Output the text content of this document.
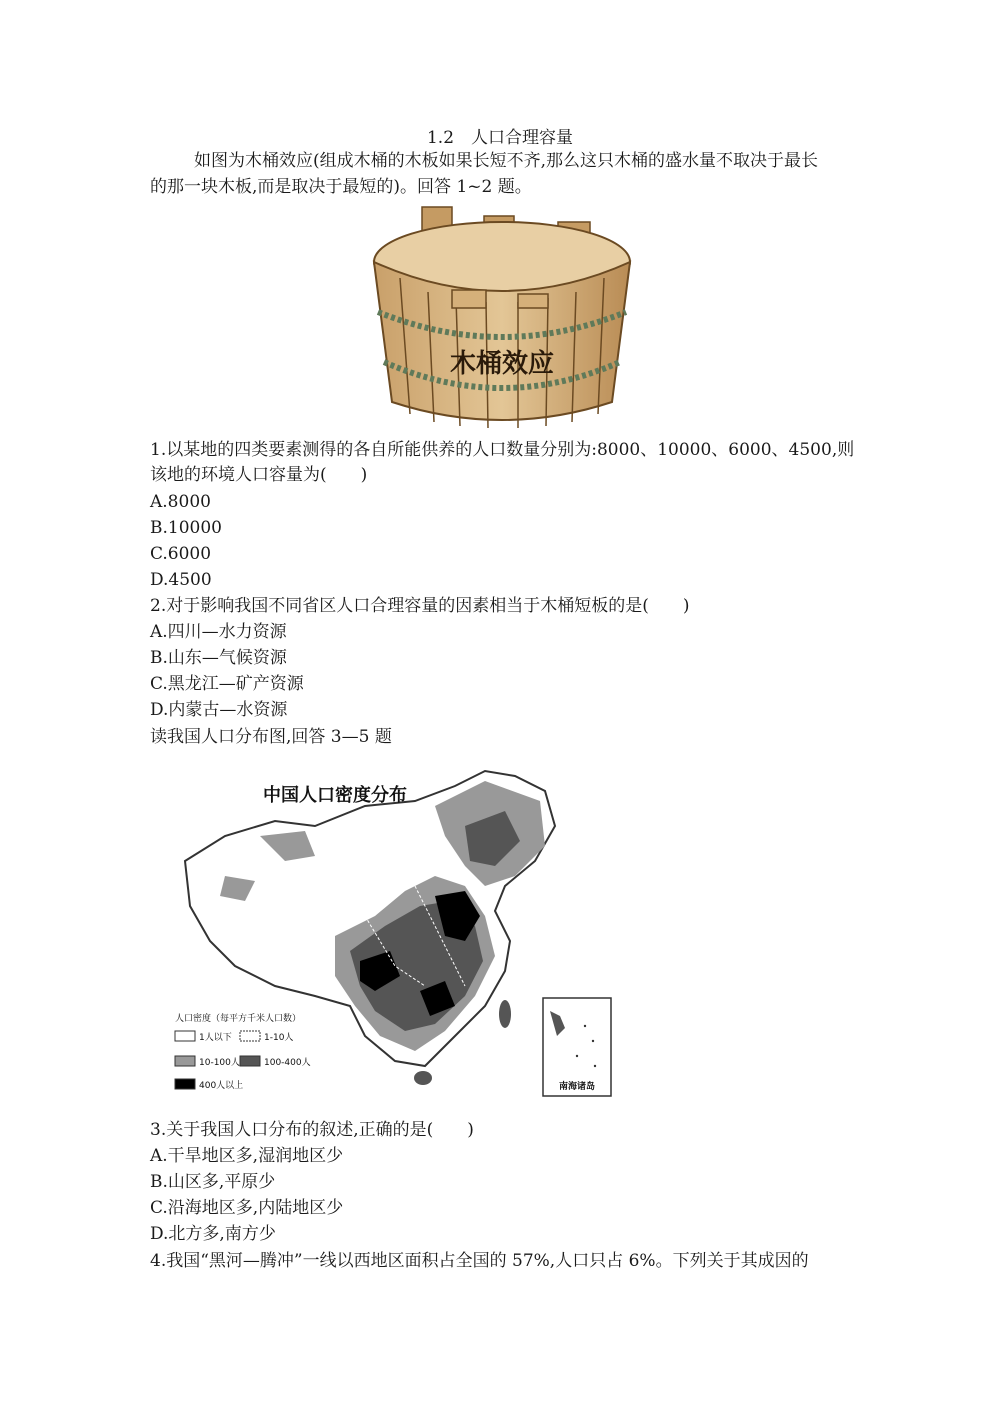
1.2　人口合理容量
如图为木桶效应(组成木桶的木板如果长短不齐,那么这只木桶的盛水量不取决于最长
的那一块木板,而是取决于最短的)。回答 1~2 题。
木桶效应
1.以某地的四类要素测得的各自所能供养的人口数量分别为:8000、10000、6000、4500,则
该地的环境人口容量为(　　)
A.8000
B.10000
C.6000
D.4500
2.对于影响我国不同省区人口合理容量的因素相当于木桶短板的是(　　)
A.四川—水力资源
B.山东—气候资源
C.黑龙江—矿产资源
D.内蒙古—水资源
读我国人口分布图,回答 3—5 题
中国人口密度分布
人口密度（每平方千米人口数）
1人以下	1-10人
10-100人	100-400人
400人以上	南海诸岛
3.关于我国人口分布的叙述,正确的是(　　)
A.干旱地区多,湿润地区少
B.山区多,平原少
C.沿海地区多,内陆地区少
D.北方多,南方少
4.我国“黑河—腾冲”一线以西地区面积占全国的 57%,人口只占 6%。下列关于其成因的
